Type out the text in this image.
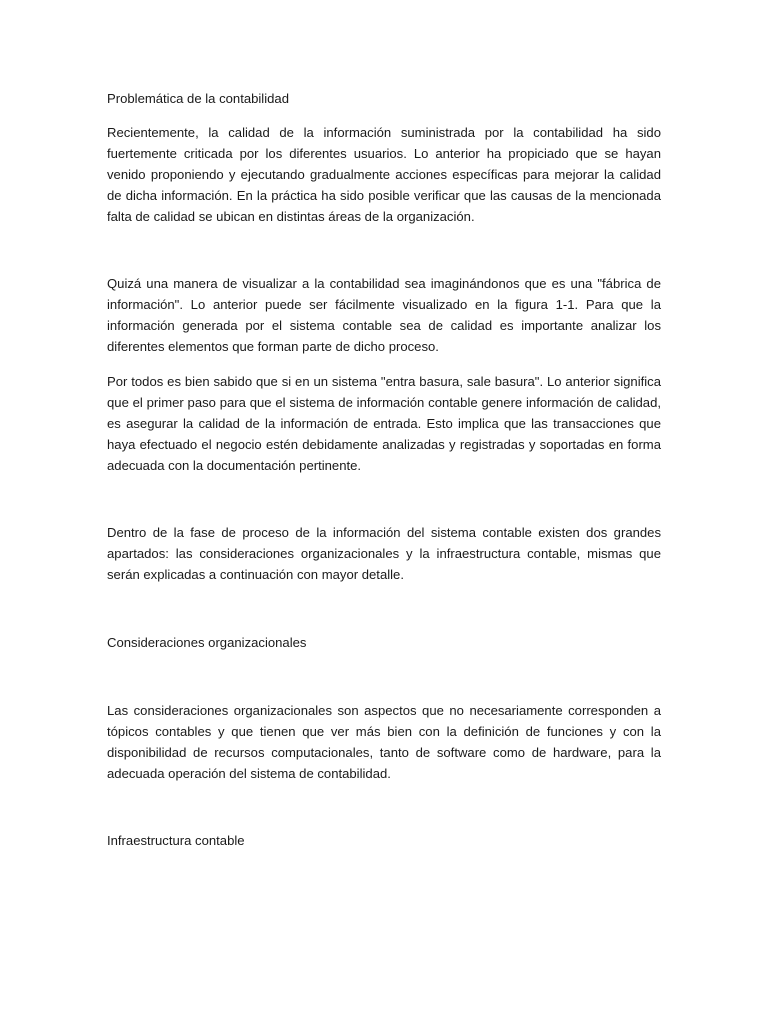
Problemática de la contabilidad

Recientemente, la calidad de la información suministrada por la contabilidad ha sido fuertemente criticada por los diferentes usuarios. Lo anterior ha propiciado que se hayan venido proponiendo y ejecutando gradualmente acciones específicas para mejorar la calidad de dicha información. En la práctica ha sido posible verificar que las causas de la mencionada falta de calidad se ubican en distintas áreas de la organización.

Quizá una manera de visualizar a la contabilidad sea imaginándonos que es una "fábrica de información". Lo anterior puede ser fácilmente visualizado en la figura 1-1. Para que la información generada por el sistema contable sea de calidad es importante analizar los diferentes elementos que forman parte de dicho proceso.

Por todos es bien sabido que si en un sistema "entra basura, sale basura". Lo anterior significa que el primer paso para que el sistema de información contable genere información de calidad, es asegurar la calidad de la información de entrada. Esto implica que las transacciones que haya efectuado el negocio estén debidamente analizadas y registradas y soportadas en forma adecuada con la documentación pertinente.

Dentro de la fase de proceso de la información del sistema contable existen dos grandes apartados: las consideraciones organizacionales y la infraestructura contable, mismas que serán explicadas a continuación con mayor detalle.

Consideraciones organizacionales

Las consideraciones organizacionales son aspectos que no necesariamente corresponden a tópicos contables y que tienen que ver más bien con la definición de funciones y con la disponibilidad de recursos computacionales, tanto de software como de hardware, para la adecuada operación del sistema de contabilidad.

Infraestructura contable
